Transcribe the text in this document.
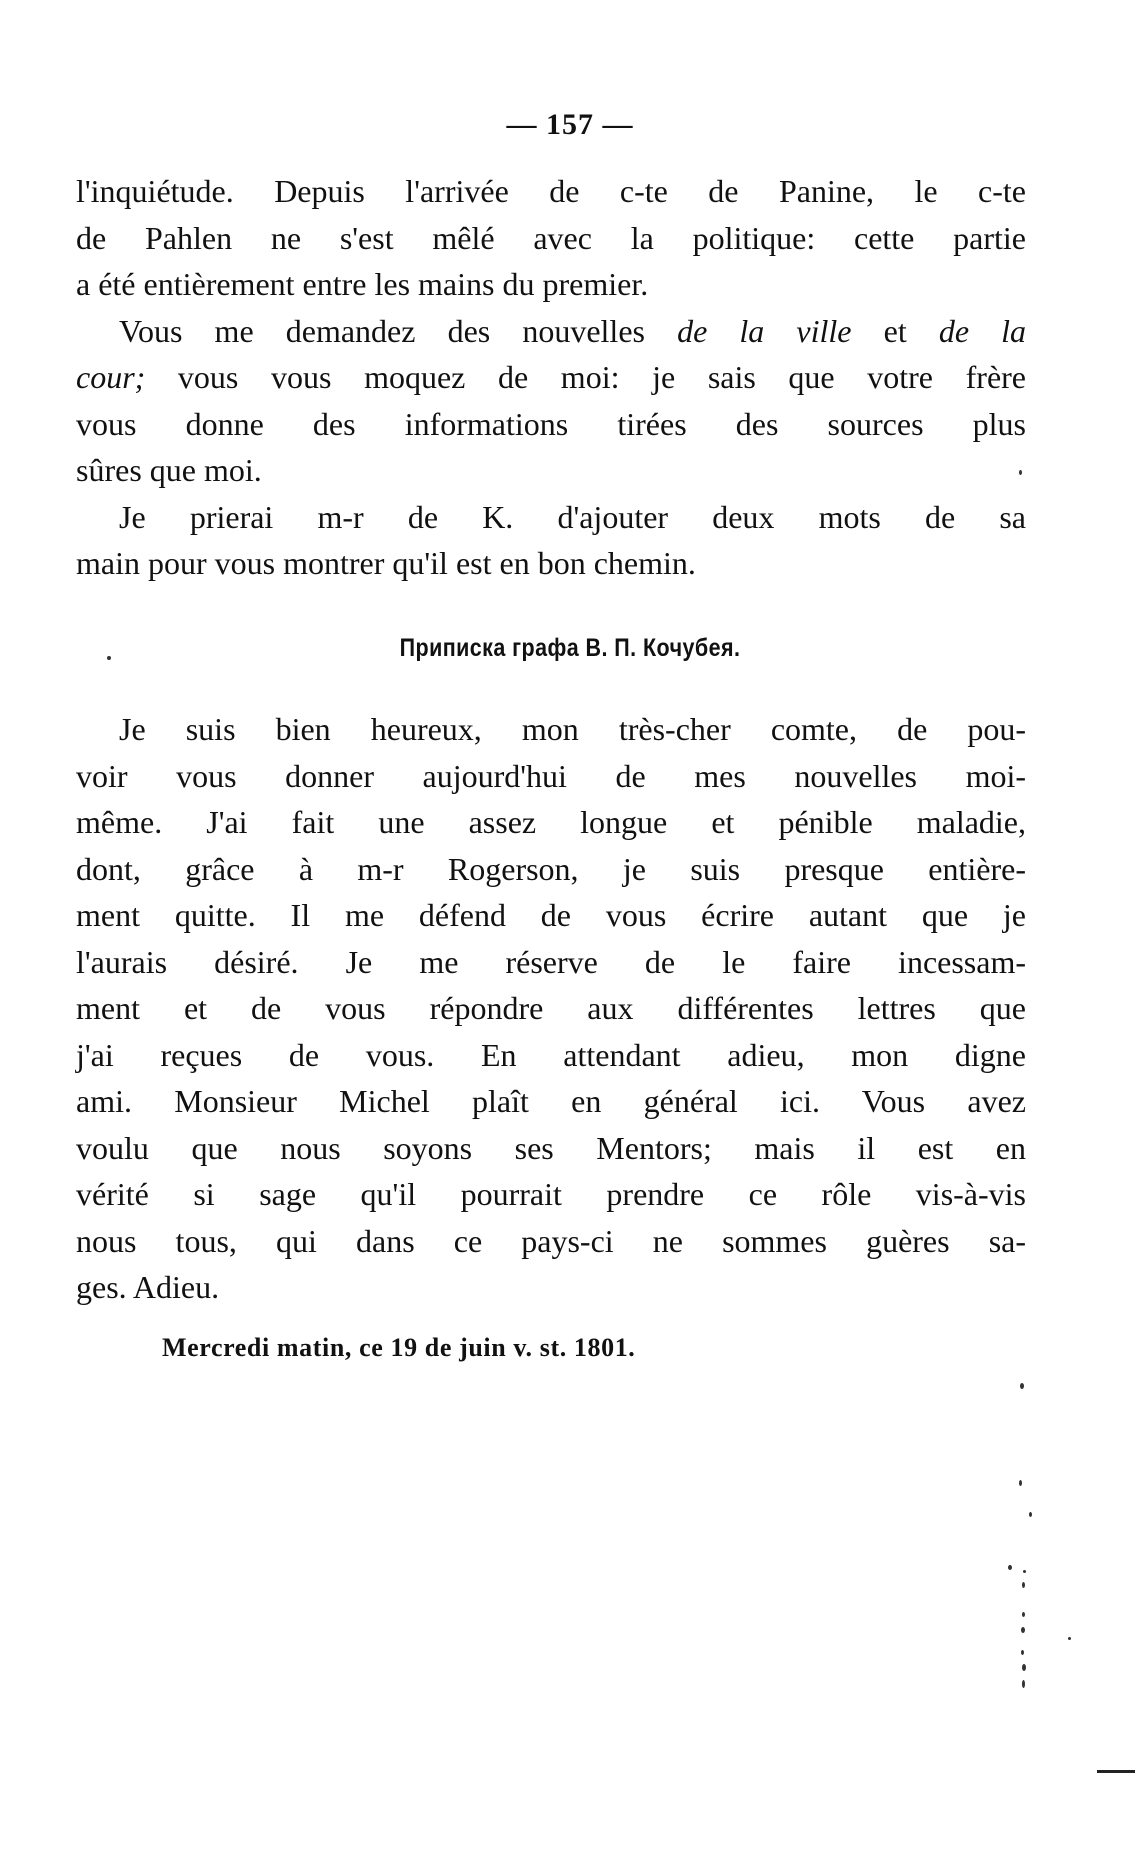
— 157 —
l'inquiétude. Depuis l'arrivée de c-te de Panine, le c-te
de Pahlen ne s'est mêlé avec la politique: cette partie
a été entièrement entre les mains du premier.
Vous me demandez des nouvelles de la ville et de la
cour; vous vous moquez de moi: je sais que votre frère
vous donne des informations tirées des sources plus
sûres que moi.
Je prierai m-r de K. d'ajouter deux mots de sa
main pour vous montrer qu'il est en bon chemin.
Приписка графа В. П. Кочубея.
Je suis bien heureux, mon très-cher comte, de pou-
voir vous donner aujourd'hui de mes nouvelles moi-
même. J'ai fait une assez longue et pénible maladie,
dont, grâce à m-r Rogerson, je suis presque entière-
ment quitte. Il me défend de vous écrire autant que je
l'aurais désiré. Je me réserve de le faire incessam-
ment et de vous répondre aux différentes lettres que
j'ai reçues de vous. En attendant adieu, mon digne
ami. Monsieur Michel plaît en général ici. Vous avez
voulu que nous soyons ses Mentors; mais il est en
vérité si sage qu'il pourrait prendre ce rôle vis-à-vis
nous tous, qui dans ce pays-ci ne sommes guères sa-
ges. Adieu.
Mercredi matin, ce 19 de juin v. st. 1801.
